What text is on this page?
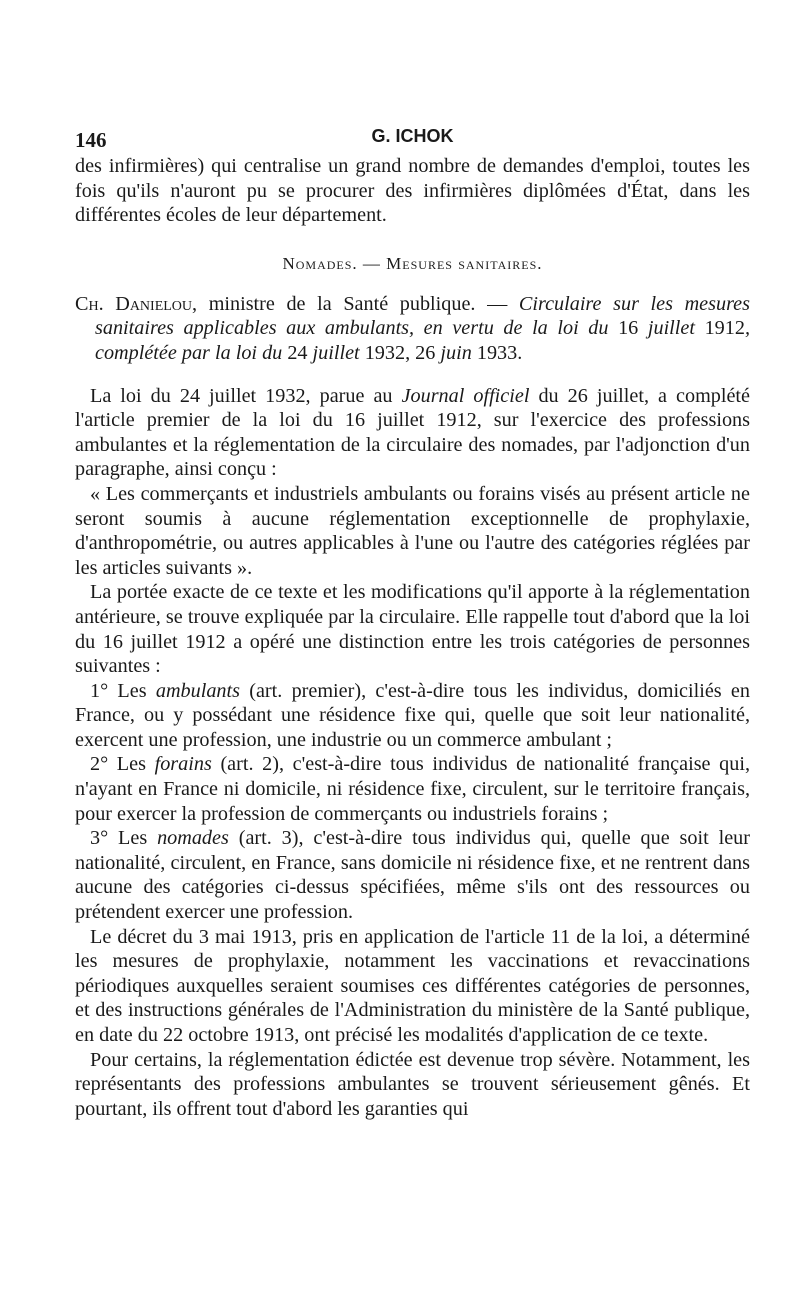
146	G. ICHOK

des infirmières) qui centralise un grand nombre de demandes d'emploi, toutes les fois qu'ils n'auront pu se procurer des infirmières diplômées d'État, dans les différentes écoles de leur département.

Nomades. — Mesures sanitaires.

Ch. Danielou, ministre de la Santé publique. — Circulaire sur les mesures sanitaires applicables aux ambulants, en vertu de la loi du 16 juillet 1912, complétée par la loi du 24 juillet 1932, 26 juin 1933.

La loi du 24 juillet 1932, parue au Journal officiel du 26 juillet, a complété l'article premier de la loi du 16 juillet 1912, sur l'exercice des professions ambulantes et la réglementation de la circulaire des nomades, par l'adjonction d'un paragraphe, ainsi conçu :

« Les commerçants et industriels ambulants ou forains visés au présent article ne seront soumis à aucune réglementation exceptionnelle de prophylaxie, d'anthropométrie, ou autres applicables à l'une ou l'autre des catégories réglées par les articles suivants ».

La portée exacte de ce texte et les modifications qu'il apporte à la réglementation antérieure, se trouve expliquée par la circulaire. Elle rappelle tout d'abord que la loi du 16 juillet 1912 a opéré une distinction entre les trois catégories de personnes suivantes :

1° Les ambulants (art. premier), c'est-à-dire tous les individus, domiciliés en France, ou y possédant une résidence fixe qui, quelle que soit leur nationalité, exercent une profession, une industrie ou un commerce ambulant ;

2° Les forains (art. 2), c'est-à-dire tous individus de nationalité française qui, n'ayant en France ni domicile, ni résidence fixe, circulent, sur le territoire français, pour exercer la profession de commerçants ou industriels forains ;

3° Les nomades (art. 3), c'est-à-dire tous individus qui, quelle que soit leur nationalité, circulent, en France, sans domicile ni résidence fixe, et ne rentrent dans aucune des catégories ci-dessus spécifiées, même s'ils ont des ressources ou prétendent exercer une profession.

Le décret du 3 mai 1913, pris en application de l'article 11 de la loi, a déterminé les mesures de prophylaxie, notamment les vaccinations et revaccinations périodiques auxquelles seraient soumises ces différentes catégories de personnes, et des instructions générales de l'Administration du ministère de la Santé publique, en date du 22 octobre 1913, ont précisé les modalités d'application de ce texte.

Pour certains, la réglementation édictée est devenue trop sévère. Notamment, les représentants des professions ambulantes se trouvent sérieusement gênés. Et pourtant, ils offrent tout d'abord les garanties qui
